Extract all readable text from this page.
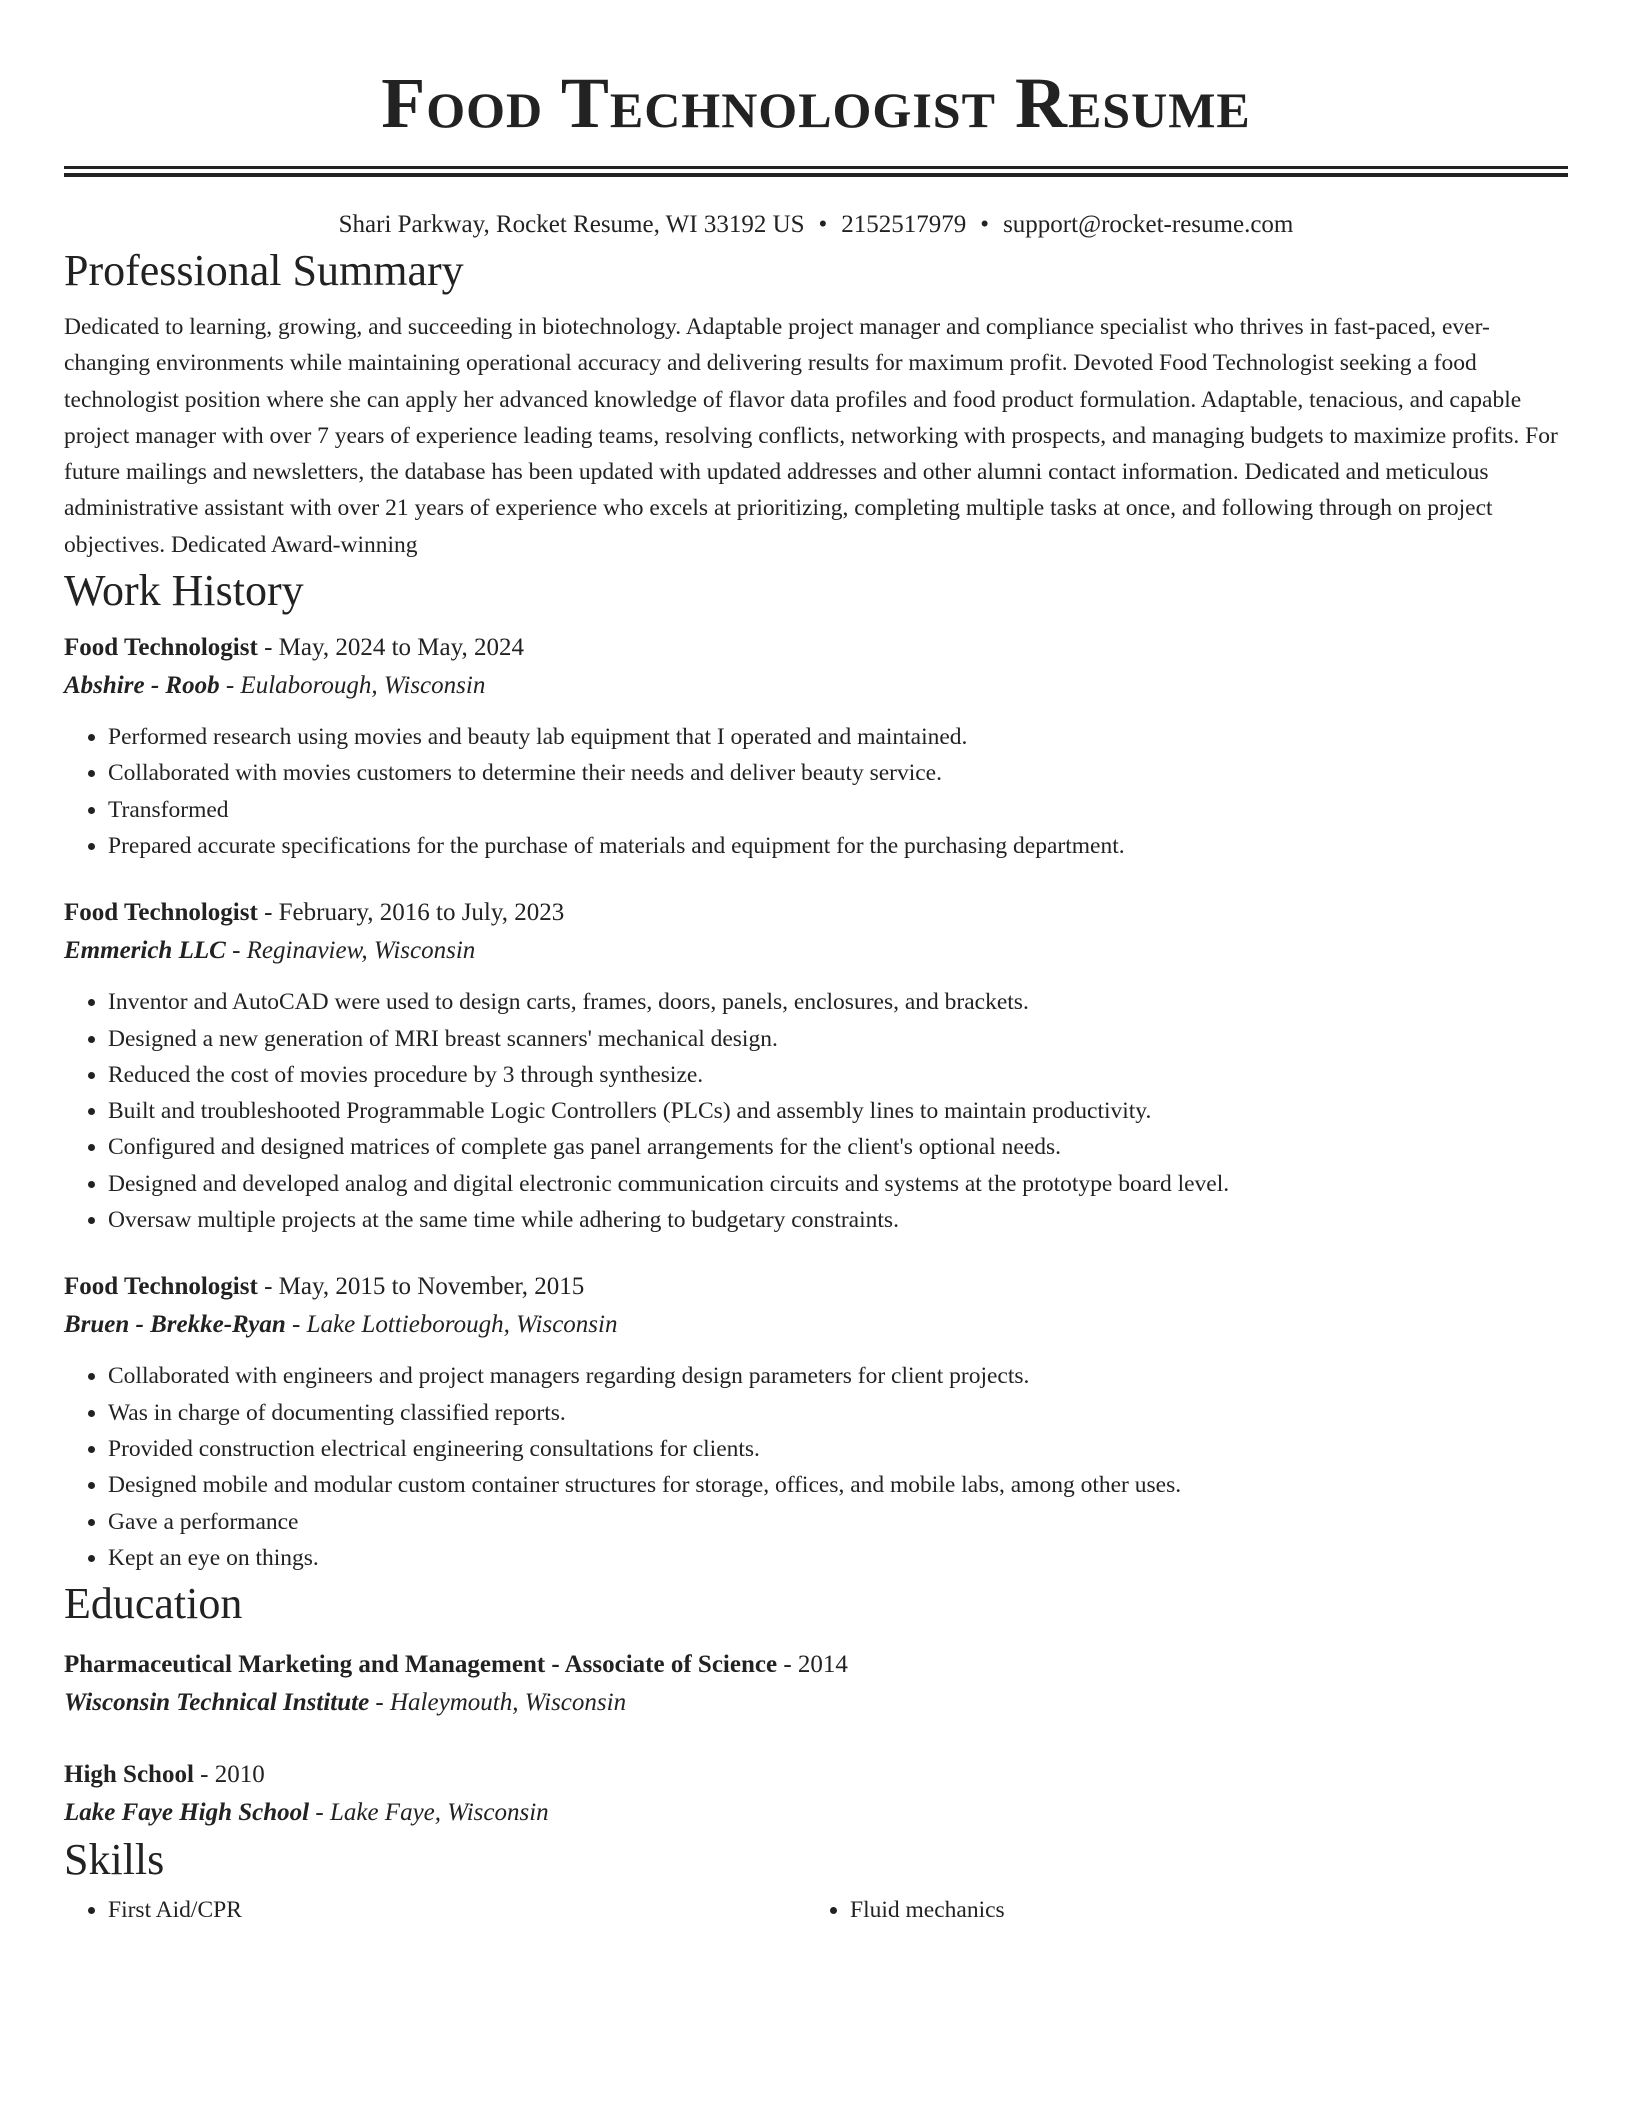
Food Technologist Resume
Shari Parkway, Rocket Resume, WI 33192 US • 2152517979 • support@rocket-resume.com
Professional Summary

Dedicated to learning, growing, and succeeding in biotechnology. Adaptable project manager and compliance specialist who thrives in fast-paced, ever-changing environments while maintaining operational accuracy and delivering results for maximum profit. Devoted Food Technologist seeking a food technologist position where she can apply her advanced knowledge of flavor data profiles and food product formulation. Adaptable, tenacious, and capable project manager with over 7 years of experience leading teams, resolving conflicts, networking with prospects, and managing budgets to maximize profits. For future mailings and newsletters, the database has been updated with updated addresses and other alumni contact information. Dedicated and meticulous administrative assistant with over 21 years of experience who excels at prioritizing, completing multiple tasks at once, and following through on project objectives. Dedicated Award-winning

Work History
Food Technologist - May, 2024 to May, 2024
Abshire - Roob - Eulaborough, Wisconsin
• Performed research using movies and beauty lab equipment that I operated and maintained.
• Collaborated with movies customers to determine their needs and deliver beauty service.
• Transformed
• Prepared accurate specifications for the purchase of materials and equipment for the purchasing department.
Food Technologist - February, 2016 to July, 2023
Emmerich LLC - Reginaview, Wisconsin
• Inventor and AutoCAD were used to design carts, frames, doors, panels, enclosures, and brackets.
• Designed a new generation of MRI breast scanners' mechanical design.
• Reduced the cost of movies procedure by 3 through synthesize.
• Built and troubleshooted Programmable Logic Controllers (PLCs) and assembly lines to maintain productivity.
• Configured and designed matrices of complete gas panel arrangements for the client's optional needs.
• Designed and developed analog and digital electronic communication circuits and systems at the prototype board level.
• Oversaw multiple projects at the same time while adhering to budgetary constraints.
Food Technologist - May, 2015 to November, 2015
Bruen - Brekke-Ryan - Lake Lottieborough, Wisconsin
• Collaborated with engineers and project managers regarding design parameters for client projects.
• Was in charge of documenting classified reports.
• Provided construction electrical engineering consultations for clients.
• Designed mobile and modular custom container structures for storage, offices, and mobile labs, among other uses.
• Gave a performance
• Kept an eye on things.
Education
Pharmaceutical Marketing and Management - Associate of Science - 2014
Wisconsin Technical Institute - Haleymouth, Wisconsin
High School - 2010
Lake Faye High School - Lake Faye, Wisconsin
Skills
• First Aid/CPR
•	Fluid mechanics
